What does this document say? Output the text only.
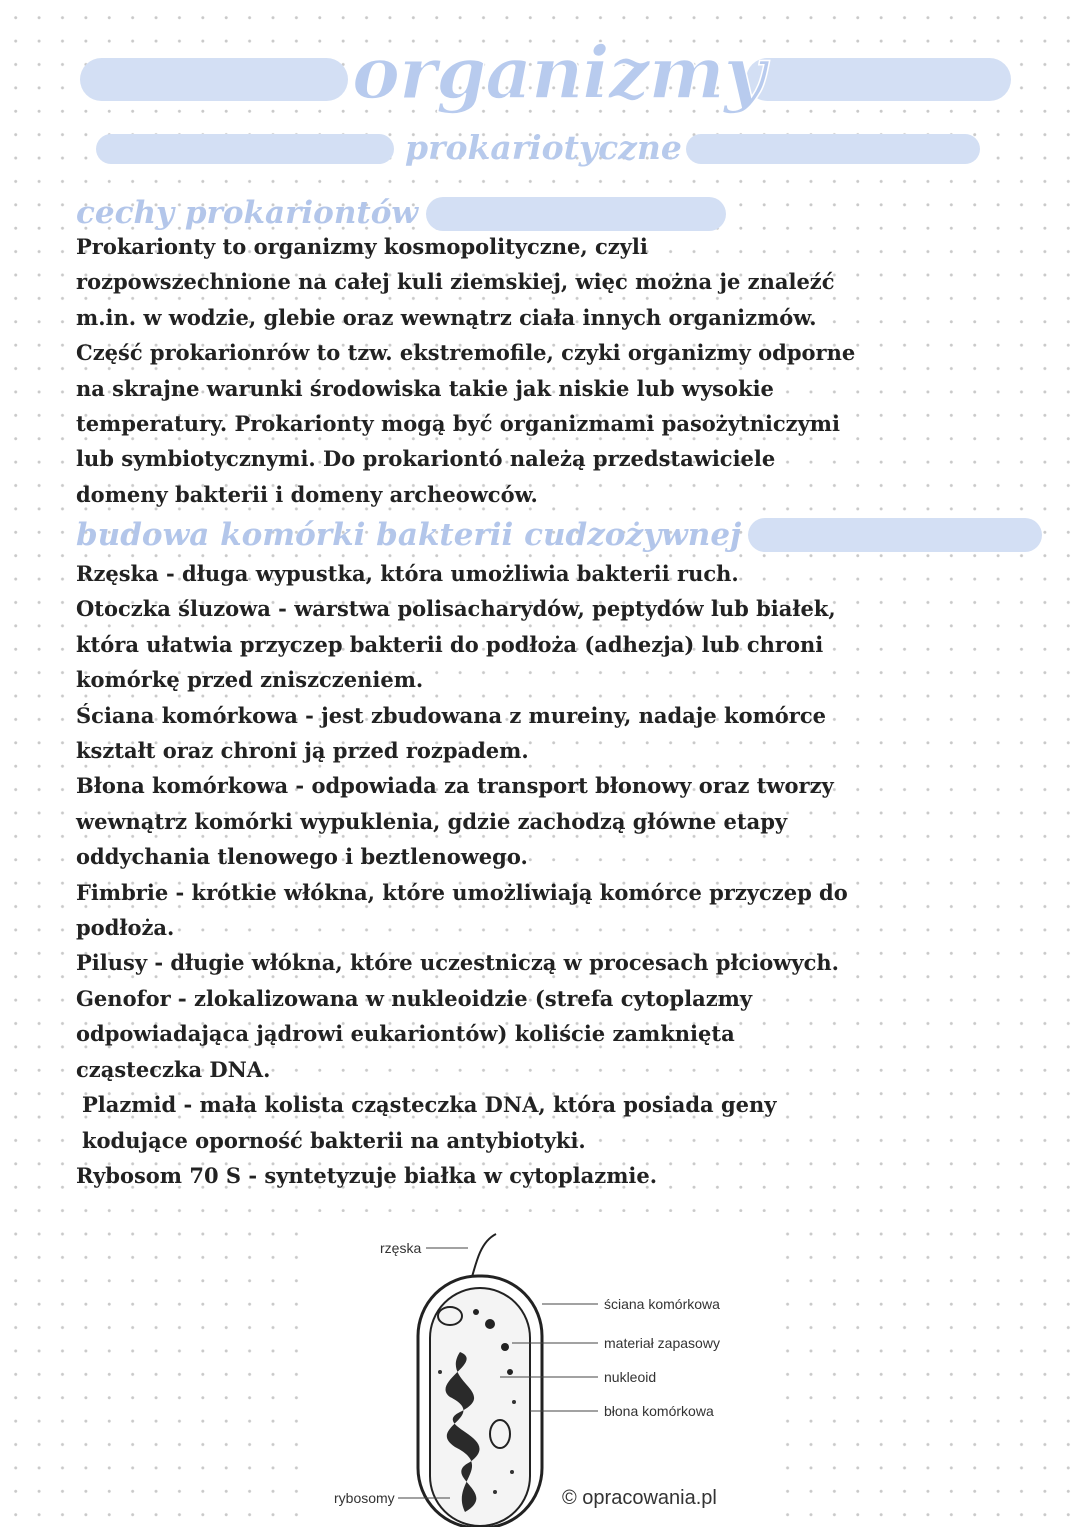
organizmy
prokariotyczne
cechy prokariontów

Prokarionty to organizmy kosmopolityczne, czyli rozpowszechnione na całej kuli ziemskiej, więc można je znaleźć m.in. w wodzie, glebie oraz wewnątrz ciała innych organizmów. Część prokarionrów to tzw. ekstremofile, czyki organizmy odporne na skrajne warunki środowiska takie jak niskie lub wysokie temperatury. Prokarionty mogą być organizmami pasożytniczymi lub symbiotycznymi. Do prokariontó należą przedstawiciele domeny bakterii i domeny archeowców.

budowa komórki bakterii cudzożywnej

Rzęska - długa wypustka, która umożliwia bakterii ruch.

Otoczka śluzowa - warstwa polisacharydów, peptydów lub białek, która ułatwia przyczep bakterii do podłoża (adhezja) lub chroni komórkę przed zniszczeniem.

Ściana komórkowa - jest zbudowana z mureiny, nadaje komórce kształt oraz chroni ją przed rozpadem.

Błona komórkowa - odpowiada za transport błonowy oraz tworzy wewnątrz komórki wypuklenia, gdzie zachodzą główne etapy oddychania tlenowego i beztlenowego.

Fimbrie - krótkie włókna, które umożliwiają komórce przyczep do podłoża.

Pilusy - długie włókna, które uczestniczą w procesach płciowych.

Genofor - zlokalizowana w nukleoidzie (strefa cytoplazmy odpowiadająca jądrowi eukariontów) koliście zamknięta cząsteczka DNA.

Plazmid - mała kolista cząsteczka DNA, która posiada geny kodujące oporność bakterii na antybiotyki.

Rybosom 70 S - syntetyzuje białka w cytoplazmie.

rzęska
ściana komórkowa
materiał zapasowy
nukleoid
błona komórkowa
rybosomy	© opracowania.pl
